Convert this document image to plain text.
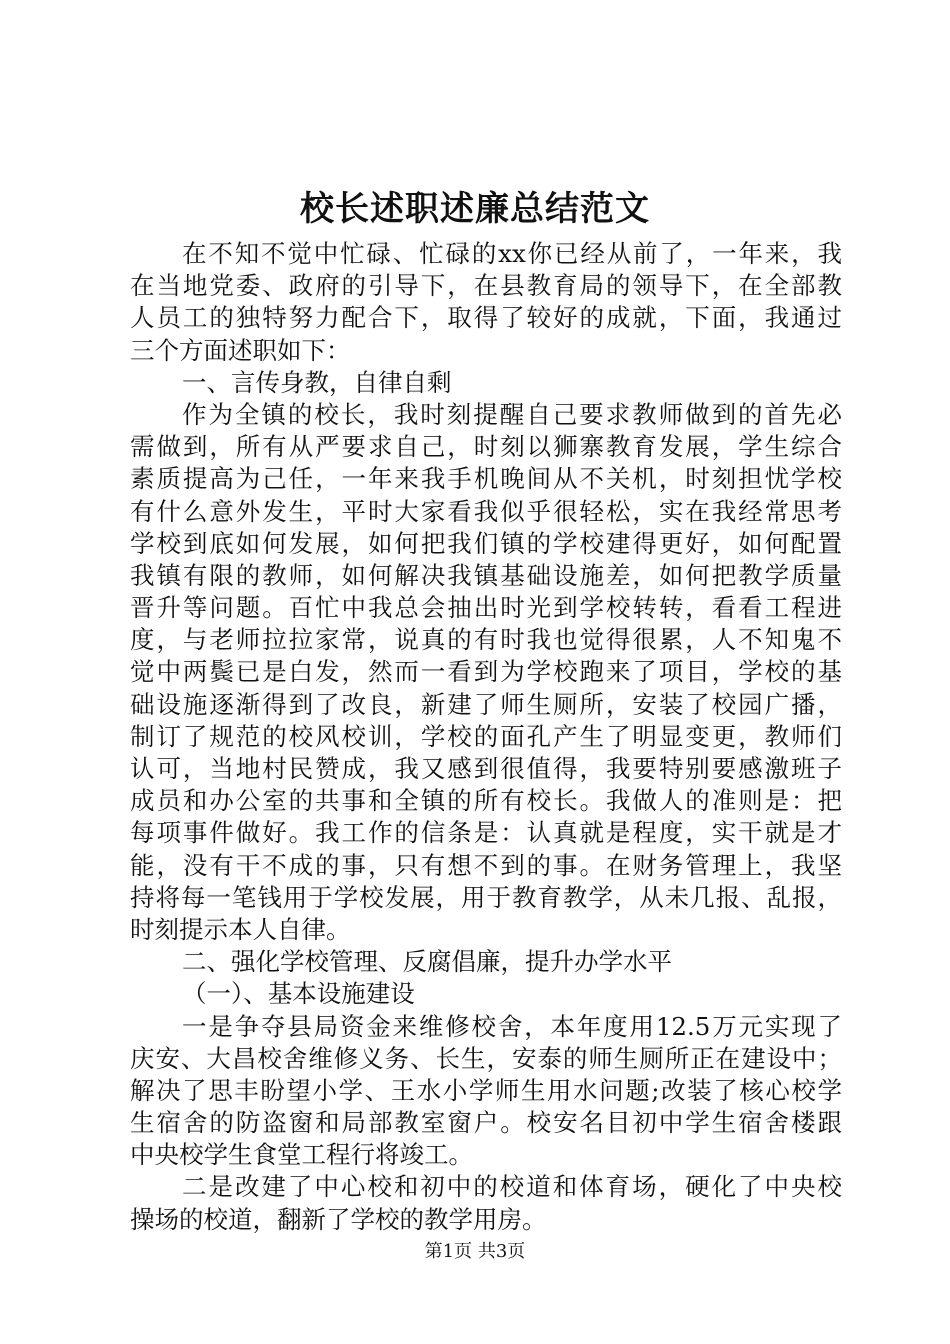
校长述职述廉总结范文
在不知不觉中忙碌、忙碌的xx你已经从前了，一年来，我
在当地党委、政府的引导下，在县教育局的领导下，在全部教
人员工的独特努力配合下，取得了较好的成就，下面，我通过
三个方面述职如下：
一、言传身教，自律自剩
作为全镇的校长，我时刻提醒自己要求教师做到的首先必
需做到，所有从严要求自己，时刻以狮寨教育发展，学生综合
素质提高为己任，一年来我手机晚间从不关机，时刻担忧学校
有什么意外发生，平时大家看我似乎很轻松，实在我经常思考
学校到底如何发展，如何把我们镇的学校建得更好，如何配置
我镇有限的教师，如何解决我镇基础设施差，如何把教学质量
晋升等问题。百忙中我总会抽出时光到学校转转，看看工程进
度，与老师拉拉家常，说真的有时我也觉得很累，人不知鬼不
觉中两鬓已是白发，然而一看到为学校跑来了项目，学校的基
础设施逐渐得到了改良，新建了师生厕所，安装了校园广播，
制订了规范的校风校训，学校的面孔产生了明显变更，教师们
认可，当地村民赞成，我又感到很值得，我要特别要感激班子
成员和办公室的共事和全镇的所有校长。我做人的准则是：把
每项事件做好。我工作的信条是：认真就是程度，实干就是才
能，没有干不成的事，只有想不到的事。在财务管理上，我坚
持将每一笔钱用于学校发展，用于教育教学，从未几报、乱报，
时刻提示本人自律。
二、强化学校管理、反腐倡廉，提升办学水平
（一）、基本设施建设
一是争夺县局资金来维修校舍，本年度用12.5万元实现了
庆安、大昌校舍维修义务、长生，安泰的师生厕所正在建设中；
解决了思丰盼望小学、王水小学师生用水问题;改装了核心校学
生宿舍的防盗窗和局部教室窗户。校安名目初中学生宿舍楼跟
中央校学生食堂工程行将竣工。
二是改建了中心校和初中的校道和体育场，硬化了中央校
操场的校道，翻新了学校的教学用房。
第1页 共3页
